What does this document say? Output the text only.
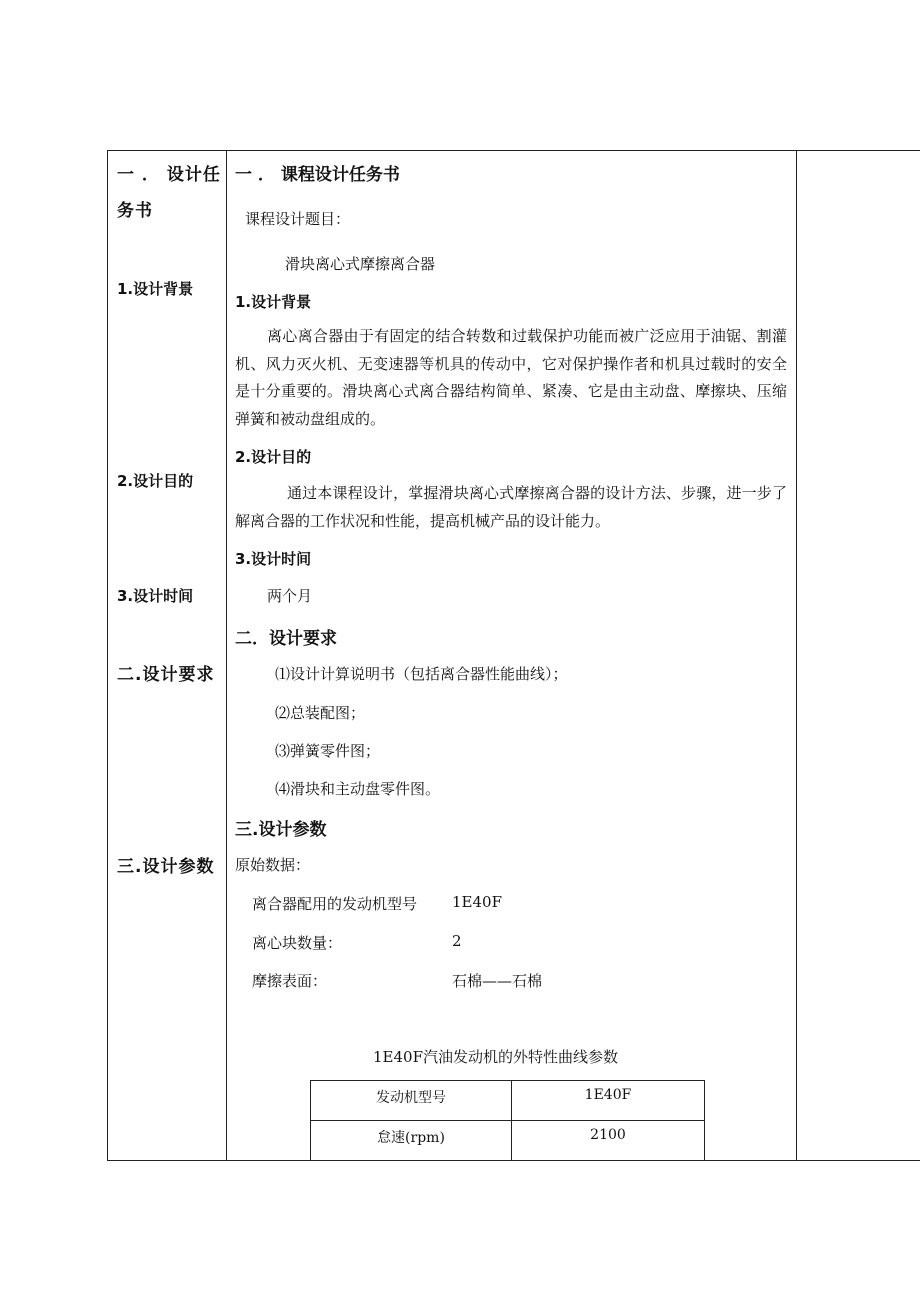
一 ． 设计任
务书
1.设计背景
2.设计目的
3.设计时间
二.设计要求
三.设计参数
一 ． 课程设计任务书
课程设计题目：
滑块离心式摩擦离合器
1.设计背景
离心离合器由于有固定的结合转数和过载保护功能而被广泛应用于油锯、割灌机、风力灭火机、无变速器等机具的传动中，它对保护操作者和机具过载时的安全是十分重要的。滑块离心式离合器结构简单、紧凑、它是由主动盘、摩擦块、压缩弹簧和被动盘组成的。
2.设计目的
通过本课程设计，掌握滑块离心式摩擦离合器的设计方法、步骤，进一步了解离合器的工作状况和性能，提高机械产品的设计能力。
3.设计时间
两个月
二．设计要求
⑴设计计算说明书（包括离合器性能曲线）；
⑵总装配图；
⑶弹簧零件图；
⑷滑块和主动盘零件图。
三.设计参数
原始数据：
离合器配用的发动机型号 1E40F
离心块数量：	2
摩擦表面：	石棉——石棉
1E40F汽油发动机的外特性曲线参数
发动机型号	1E40F

怠速(rpm)	2100
